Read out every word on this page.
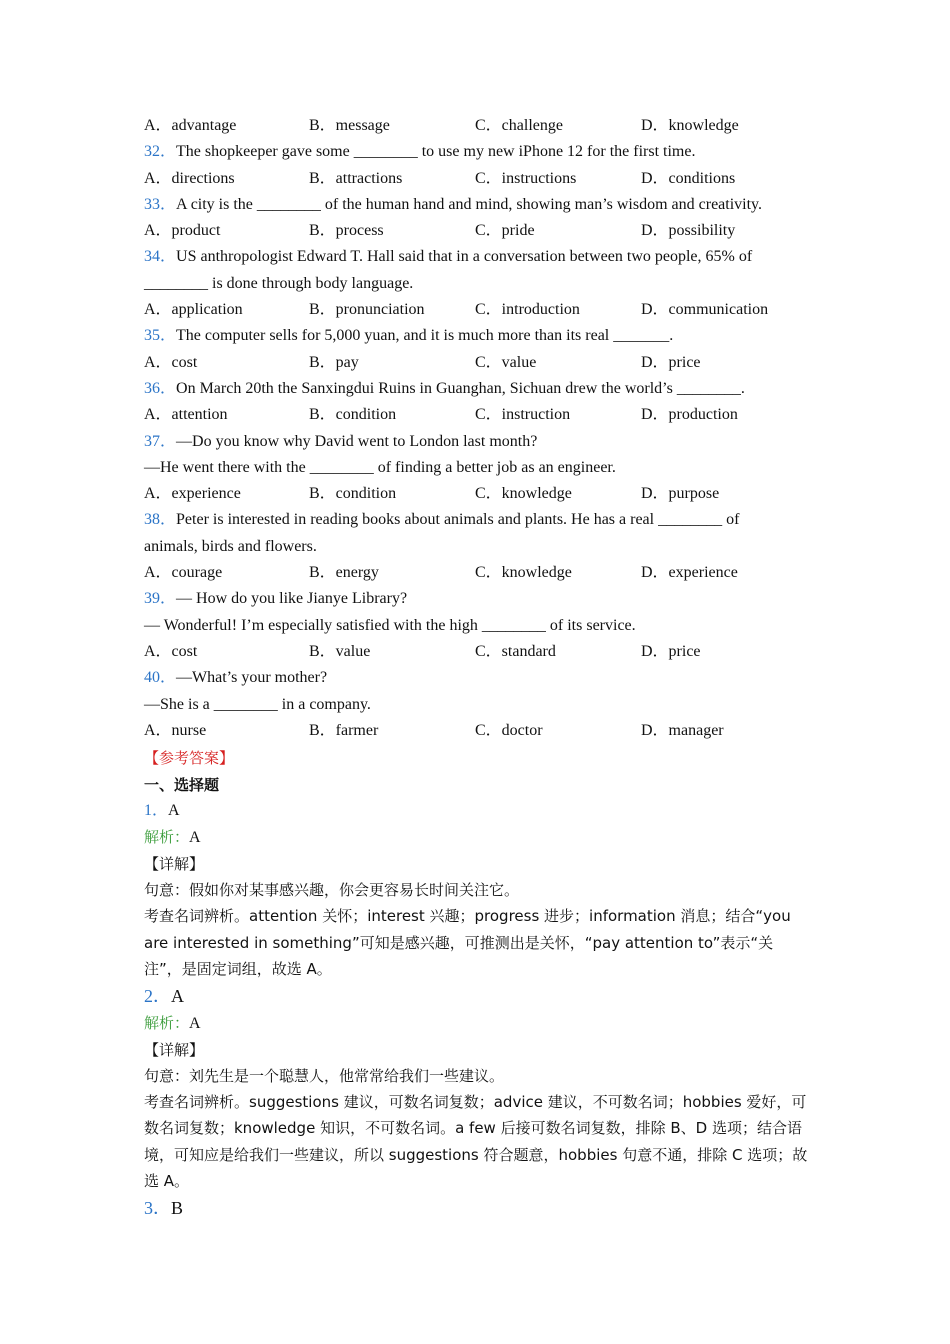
A．advantage	B．message	C．challenge	D．knowledge
32．The shopkeeper gave some ________ to use my new iPhone 12 for the first time.
A．directions	B．attractions	C．instructions	D．conditions
33．A city is the ________ of the human hand and mind, showing man’s wisdom and creativity.
A．product	B．process	C．pride	D．possibility
34．US anthropologist Edward T. Hall said that in a conversation between two people, 65% of
________ is done through body language.
A．application	B．pronunciation	C．introduction	D．communication
35．The computer sells for 5,000 yuan, and it is much more than its real _______.
A．cost	B．pay	C．value	D．price
36．On March 20th the Sanxingdui Ruins in Guanghan, Sichuan drew the world’s ________.
A．attention	B．condition	C．instruction	D．production
37．—Do you know why David went to London last month?
—He went there with the ________ of finding a better job as an engineer.
A．experience	B．condition	C．knowledge	D．purpose
38．Peter is interested in reading books about animals and plants. He has a real ________ of
animals, birds and flowers.
A．courage	B．energy	C．knowledge	D．experience
39．— How do you like Jianye Library?
— Wonderful! I’m especially satisfied with the high ________ of its service.
A．cost	B．value	C．standard	D．price
40．—What’s your mother?
—She is a ________ in a company.
A．nurse	B．farmer	C．doctor	D．manager
【参考答案】
一、选择题
1．A
解析：A
【详解】
句意：假如你对某事感兴趣，你会更容易长时间关注它。
考查名词辨析。attention 关怀；interest 兴趣；progress 进步；information 消息；结合“you are interested in something”可知是感兴趣，可推测出是关怀，“pay attention to”表示“关注”，是固定词组，故选 A。
2．A
解析：A
【详解】
句意：刘先生是一个聪慧人，他常常给我们一些建议。
考查名词辨析。suggestions 建议，可数名词复数；advice 建议，不可数名词；hobbies 爱好，可数名词复数；knowledge 知识，不可数名词。a few 后接可数名词复数，排除 B、D 选项；结合语境，可知应是给我们一些建议，所以 suggestions 符合题意，hobbies 句意不通，排除 C 选项；故选 A。
3．B
